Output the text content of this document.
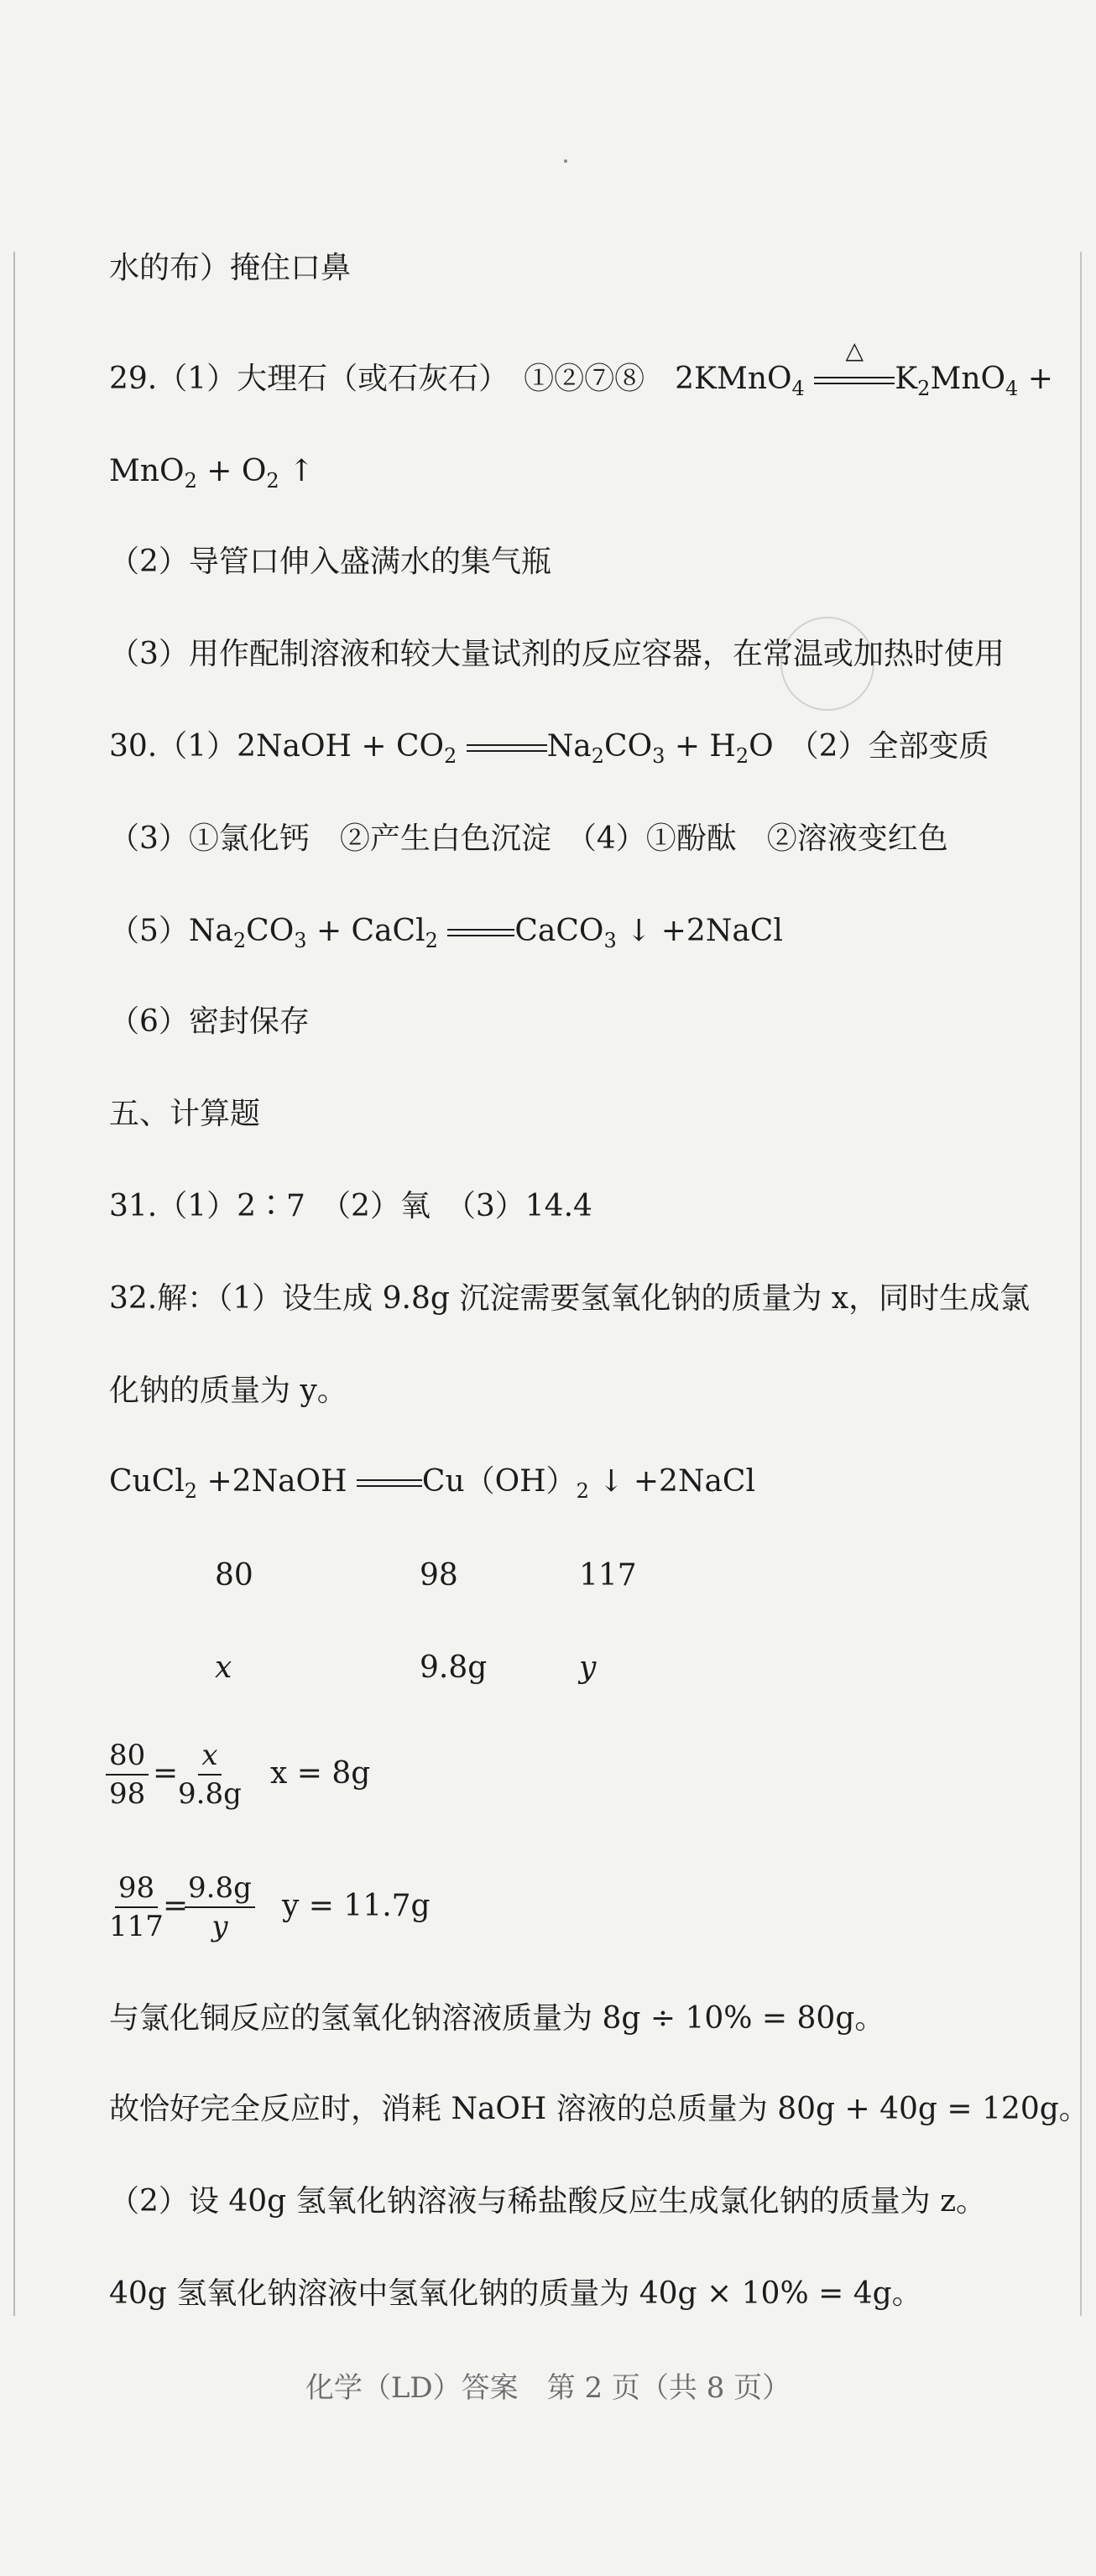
水的布）掩住口鼻
29.（1）大理石（或石灰石）　①②⑦⑧　2KMnO$_4$
△
$K_2MnO_4$ +
$MnO_2 + O_2$ ↑
（2）导管口伸入盛满水的集气瓶
（3）用作配制溶液和较大量试剂的反应容器，在常温或加热时使用
30.（1）2NaOH + $CO_2$	$Na_2CO_3 + H_2O$　（2）全部变质
（3）①氯化钙　②产生白色沉淀　（4）①酚酞　②溶液变红色
$(5)Na_2CO_3$ + CaCl$_2$	CaCO$_3$ ↓ +2NaCl
（6）密封保存
五、计算题
31.（1）2∶7　（2）氧　（3）14.4
32.解：（1）设生成 9.8g 沉淀需要氢氧化钠的质量为 x，同时生成氯
化钠的质量为 y。
CuCl$_2$ +2NaOH $Cu(OH)_2$ ↓ +2NaCl
80	98	117
x	9.8g	y
$\frac{80}{98}$ =
$\frac{x}{9.8g}$ x = 8g
$\frac{98}{117}$
=
$\frac{9.8g}{y}$ y = 11.7g
与氯化铜反应的氢氧化钠溶液质量为 8g ÷ 10% = 80g。
故恰好完全反应时，消耗 NaOH 溶液的总质量为 80g + 40g = 120g。
（2）设 40g 氢氧化钠溶液与稀盐酸反应生成氯化钠的质量为 z。
40g 氢氧化钠溶液中氢氧化钠的质量为 40g × 10% = 4g。
化学（LD）答案　第 2 页（共 8 页）
